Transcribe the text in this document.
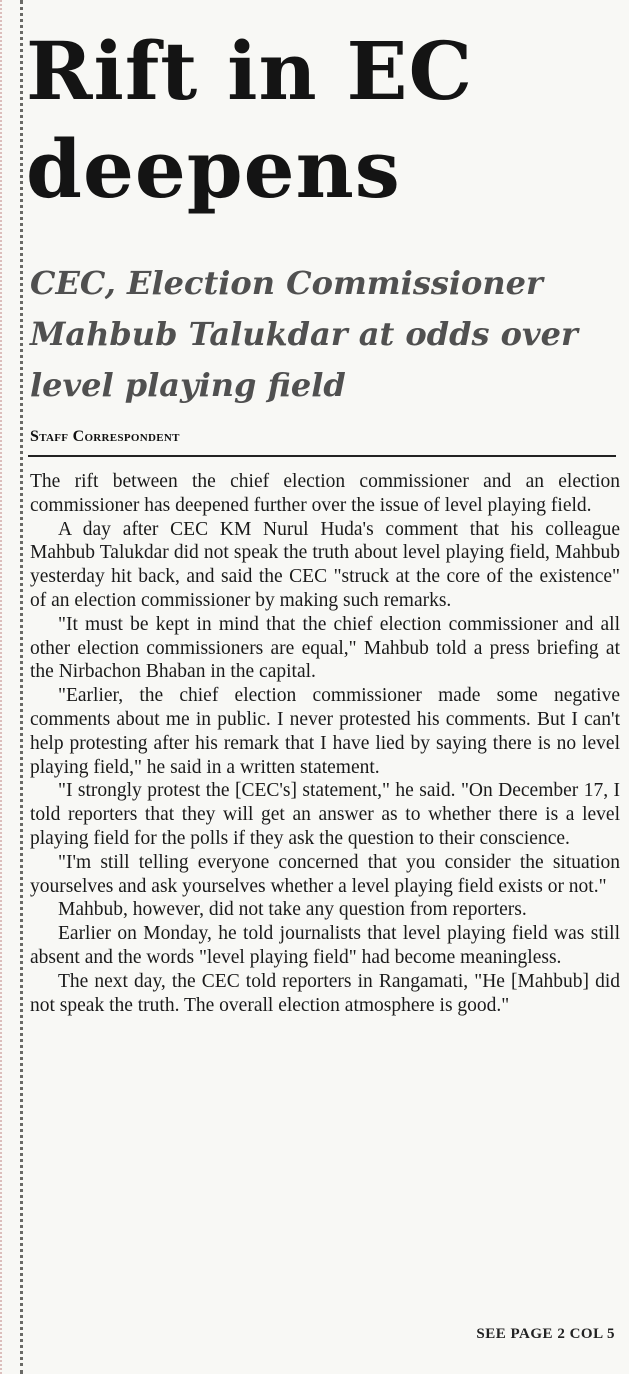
Rift in EC deepens
CEC, Election Commissioner Mahbub Talukdar at odds over level playing field
Staff Correspondent

The rift between the chief election commissioner and an election commissioner has deepened further over the issue of level playing field.

A day after CEC KM Nurul Huda's comment that his colleague Mahbub Talukdar did not speak the truth about level playing field, Mahbub yesterday hit back, and said the CEC "struck at the core of the existence" of an election commissioner by making such remarks.

"It must be kept in mind that the chief election commissioner and all other election commissioners are equal," Mahbub told a press briefing at the Nirbachon Bhaban in the capital.

"Earlier, the chief election commissioner made some negative comments about me in public. I never protested his comments. But I can't help protesting after his remark that I have lied by saying there is no level playing field," he said in a written statement.

"I strongly protest the [CEC's] statement," he said. "On December 17, I told reporters that they will get an answer as to whether there is a level playing field for the polls if they ask the question to their conscience.

"I'm still telling everyone concerned that you consider the situation yourselves and ask yourselves whether a level playing field exists or not."

Mahbub, however, did not take any question from reporters.

Earlier on Monday, he told journalists that level playing field was still absent and the words "level playing field" had become meaningless.

The next day, the CEC told reporters in Rangamati, "He [Mahbub] did not speak the truth. The overall election atmosphere is good."

SEE PAGE 2 COL 5
